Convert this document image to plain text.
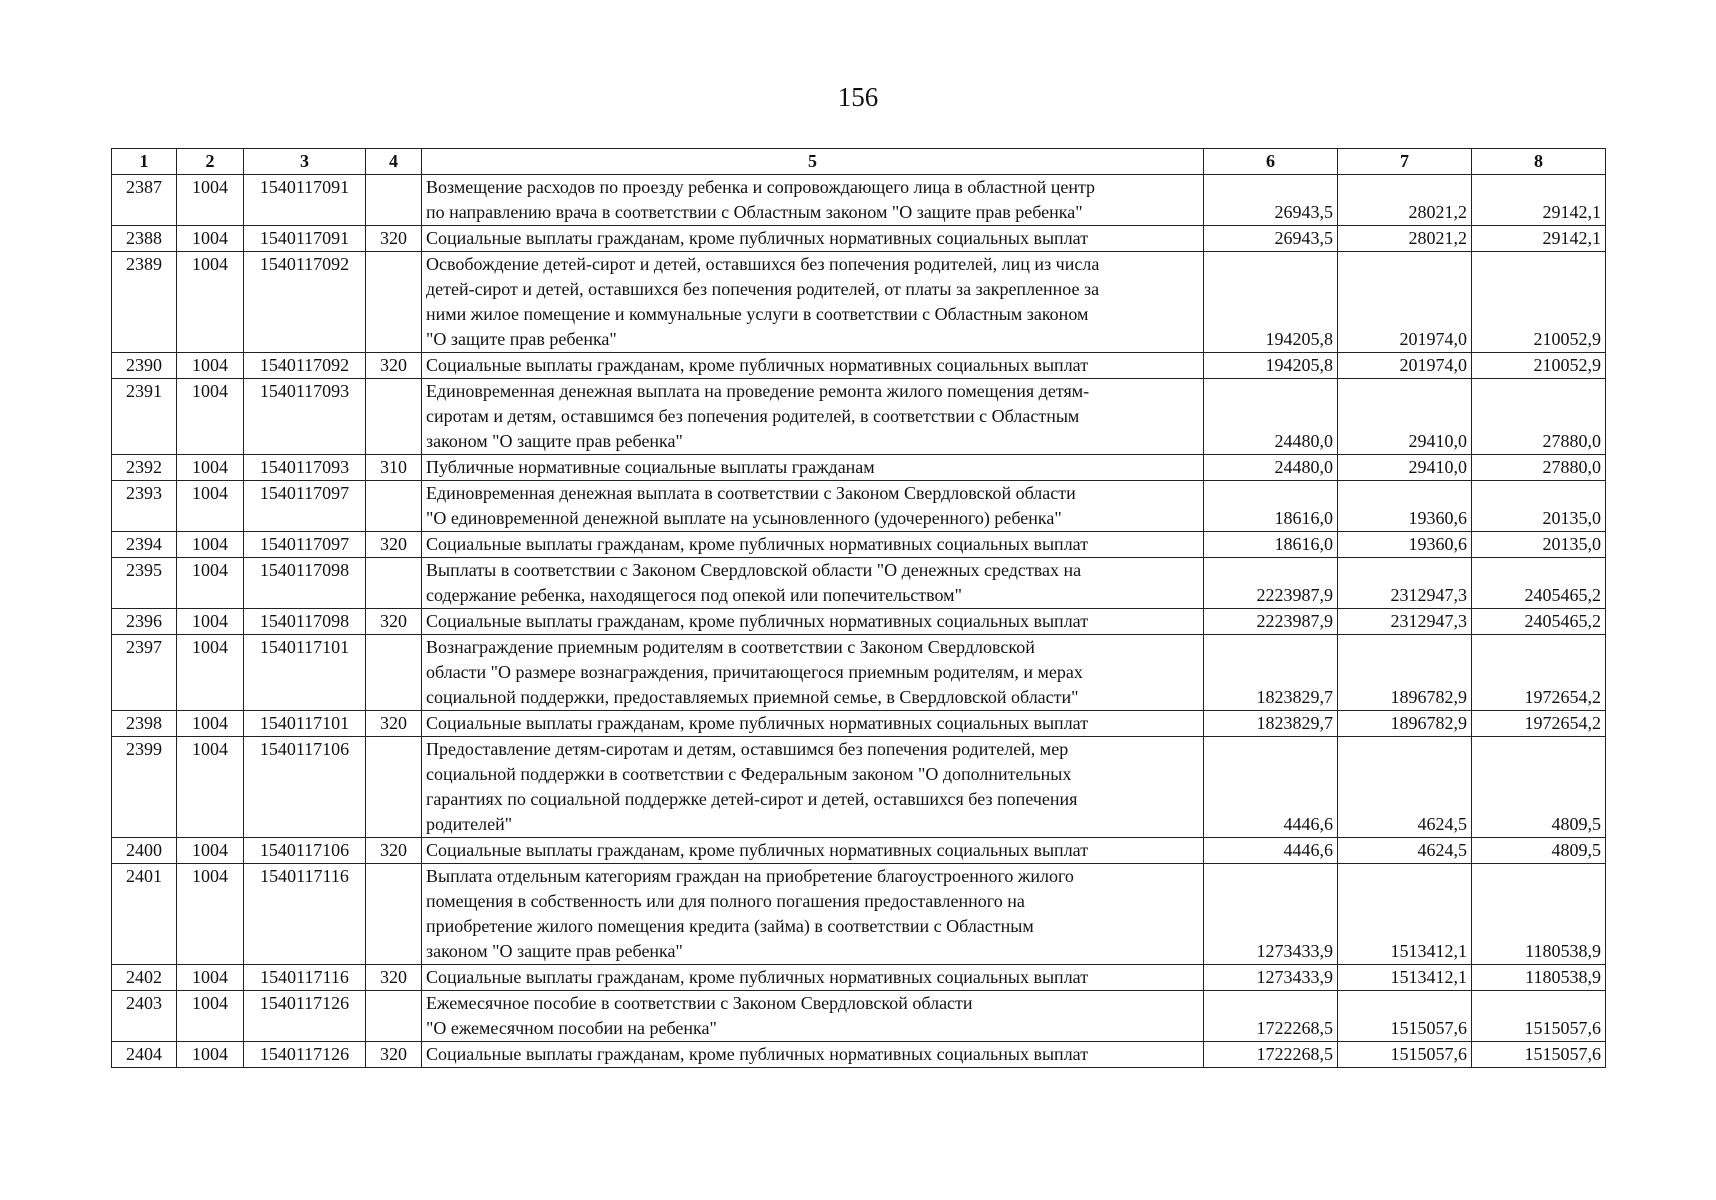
156
1	2	3	4	5	6	7	8
2387	1004	1540117091		Возмещение расходов по проезду ребенка и сопровождающего лица в областной центр
по направлению врача в соответствии с Областным законом "О защите прав ребенка"	26943,5	28021,2	29142,1
2388	1004	1540117091	320	Социальные выплаты гражданам, кроме публичных нормативных социальных выплат	26943,5	28021,2	29142,1
2389	1004	1540117092		Освобождение детей-сирот и детей, оставшихся без попечения родителей, лиц из числа
детей-сирот и детей, оставшихся без попечения родителей, от платы за закрепленное за
ними жилое помещение и коммунальные услуги в соответствии с Областным законом
"О защите прав ребенка"	194205,8	201974,0	210052,9
2390	1004	1540117092	320	Социальные выплаты гражданам, кроме публичных нормативных социальных выплат	194205,8	201974,0	210052,9
2391	1004	1540117093		Единовременная денежная выплата на проведение ремонта жилого помещения детям-
сиротам и детям, оставшимся без попечения родителей, в соответствии с Областным
законом "О защите прав ребенка"	24480,0	29410,0	27880,0
2392	1004	1540117093	310	Публичные нормативные социальные выплаты гражданам	24480,0	29410,0	27880,0
2393	1004	1540117097		Единовременная денежная выплата в соответствии с Законом Свердловской области
"О единовременной денежной выплате на усыновленного (удочеренного) ребенка"	18616,0	19360,6	20135,0
2394	1004	1540117097	320	Социальные выплаты гражданам, кроме публичных нормативных социальных выплат	18616,0	19360,6	20135,0
2395	1004	1540117098		Выплаты в соответствии с Законом Свердловской области "О денежных средствах на
содержание ребенка, находящегося под опекой или попечительством"	2223987,9	2312947,3	2405465,2
2396	1004	1540117098	320	Социальные выплаты гражданам, кроме публичных нормативных социальных выплат	2223987,9	2312947,3	2405465,2
2397	1004	1540117101		Вознаграждение приемным родителям в соответствии с Законом Свердловской
области "О размере вознаграждения, причитающегося приемным родителям, и мерах
социальной поддержки, предоставляемых приемной семье, в Свердловской области"	1823829,7	1896782,9	1972654,2
2398	1004	1540117101	320	Социальные выплаты гражданам, кроме публичных нормативных социальных выплат	1823829,7	1896782,9	1972654,2
2399	1004	1540117106		Предоставление детям-сиротам и детям, оставшимся без попечения родителей, мер
социальной поддержки в соответствии с Федеральным законом "О дополнительных
гарантиях по социальной поддержке детей-сирот и детей, оставшихся без попечения
родителей"	4446,6	4624,5	4809,5
2400	1004	1540117106	320	Социальные выплаты гражданам, кроме публичных нормативных социальных выплат	4446,6	4624,5	4809,5
2401	1004	1540117116		Выплата отдельным категориям граждан на приобретение благоустроенного жилого
помещения в собственность или для полного погашения предоставленного на
приобретение жилого помещения кредита (займа) в соответствии с Областным
законом "О защите прав ребенка"	1273433,9	1513412,1	1180538,9
2402	1004	1540117116	320	Социальные выплаты гражданам, кроме публичных нормативных социальных выплат	1273433,9	1513412,1	1180538,9
2403	1004	1540117126		Ежемесячное пособие в соответствии с Законом Свердловской области
"О ежемесячном пособии на ребенка"	1722268,5	1515057,6	1515057,6
2404	1004	1540117126	320	Социальные выплаты гражданам, кроме публичных нормативных социальных выплат	1722268,5	1515057,6	1515057,6
